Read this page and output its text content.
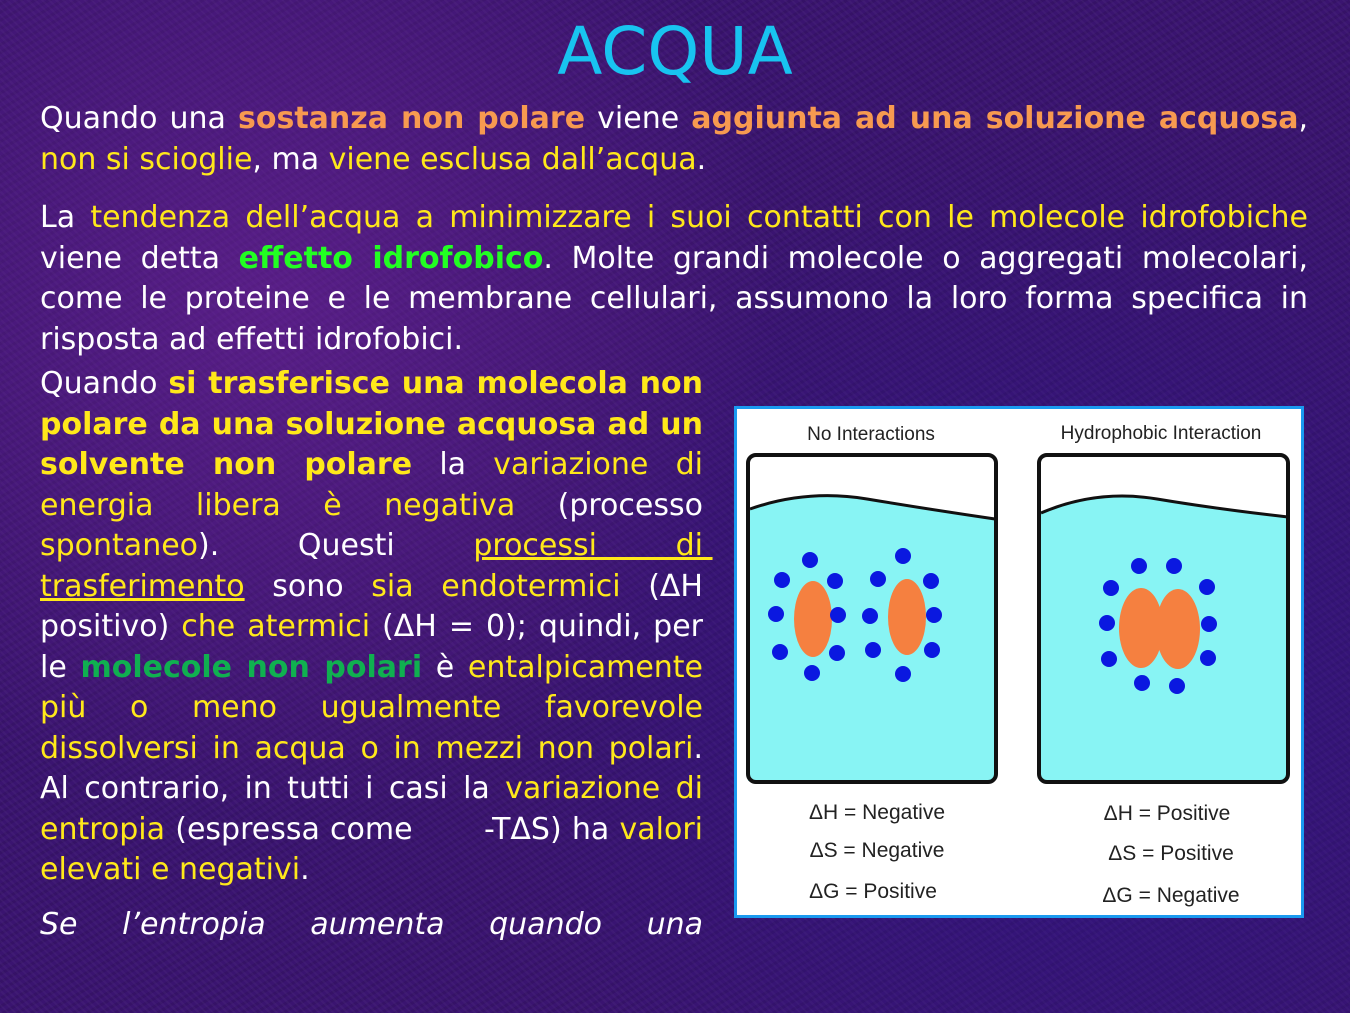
ACQUA

Quando una sostanza non polare viene aggiunta ad una soluzione acquosa, non si scioglie, ma viene esclusa dall’acqua.

La tendenza dell’acqua a minimizzare i suoi contatti con le molecole idrofobiche viene detta effetto idrofobico. Molte grandi molecole o aggregati molecolari, come le proteine e le membrane cellulari, assumono la loro forma specifica in risposta ad effetti idrofobici.

Quando si trasferisce una molecola non polare da una soluzione acquosa ad un solvente non polare la variazione di energia libera è negativa (processo spontaneo). Questi processi di trasferimento sono sia endotermici (ΔH positivo) che atermici (ΔH = 0); quindi, per le molecole non polari è entalpicamente più o meno ugualmente favorevole dissolversi in acqua o in mezzi non polari. Al contrario, in tutti i casi la variazione di entropia (espressa come       -TΔS) ha valori elevati e negativi.

Se l’entropia aumenta quando una

No Interactions	Hydrophobic Interaction
ΔH = Negative
ΔS = Negative
ΔG = Positive
ΔH = Positive
ΔS = Positive
ΔG = Negative
